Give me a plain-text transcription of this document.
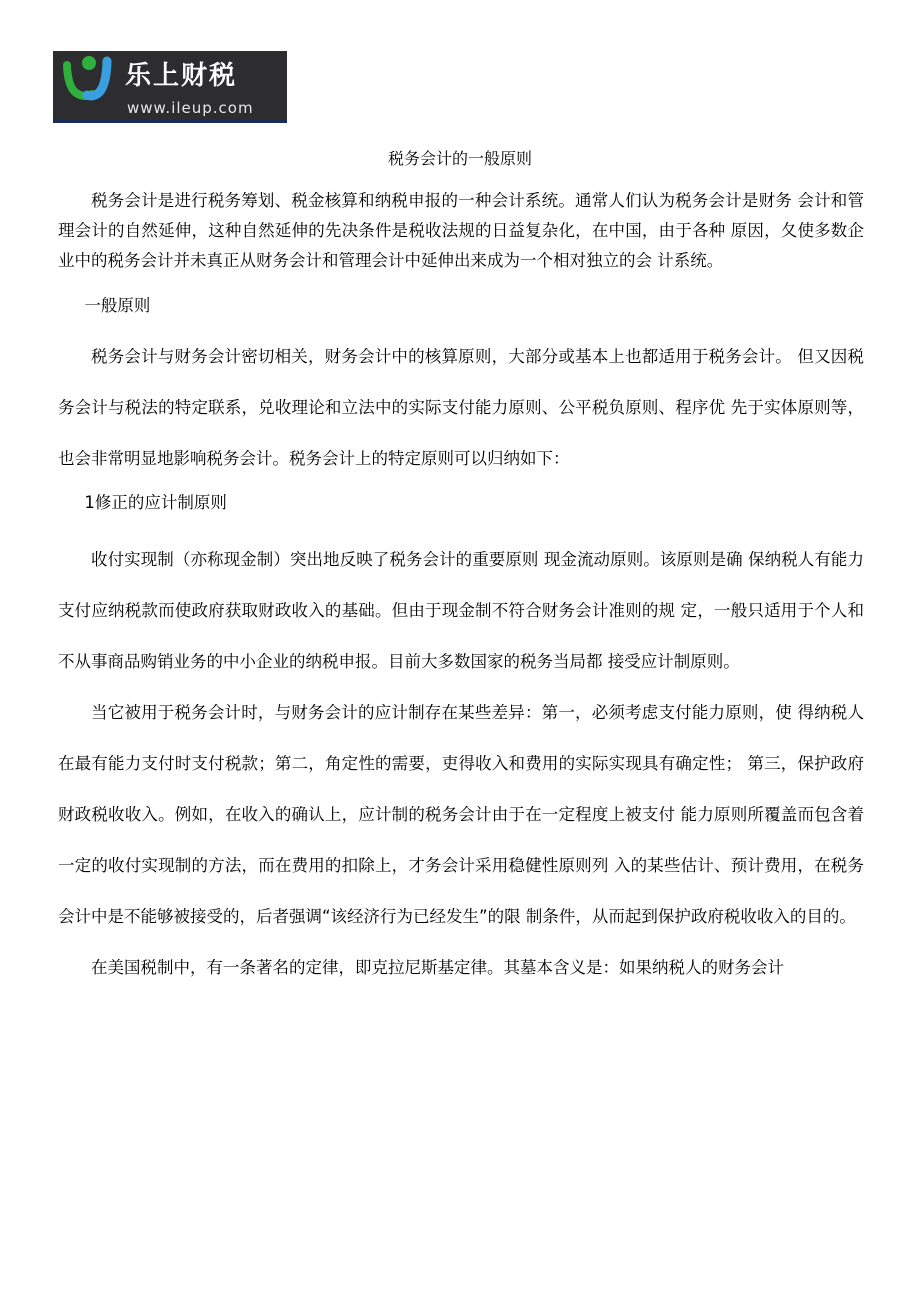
乐上财税
www.ileup.com
税务会计的一般原则

税务会计是进行税务筹划、税金核算和纳税申报的一种会计系统。通常人们认为税务会计是财务 会计和管理会计的自然延伸，这种自然延伸的先决条件是税收法规的日益复杂化，在中国，由于各种 原因，夂使多数企业中的税务会计并未真正从财务会计和管理会计中延伸出来成为一个相对独立的会 计系统。

一般原则

税务会计与财务会计密切相关，财务会计中的核算原则，大部分或基本上也都适用于税务会计。 但又因税务会计与税法的特定联系，兑收理论和立法中的实际支付能力原则、公平税负原则、程序优 先于实体原则等，也会非常明显地影响税务会计。税务会计上的特定原则可以归纳如下：

1修正的应计制原则

收付实现制（亦称现金制）突出地反映了税务会计的重要原则 现金流动原则。该原则是确 保纳税人有能力支付应纳税款而使政府获取财政收入的基础。但由于现金制不符合财务会计准则的规 定，一般只适用于个人和不从事商品购销业务的中小企业的纳税申报。目前大多数国家的税务当局都 接受应计制原则。

当它被用于税务会计时，与财务会计的应计制存在某些差异：第一，必须考虑支付能力原则，使 得纳税人在最有能力支付时支付税款；第二，角定性的需要，吏得收入和费用的实际实现具有确定性； 第三，保护政府财政税收收入。例如，在收入的确认上，应计制的税务会计由于在一定程度上被支付 能力原则所覆盖而包含着一定的收付实现制的方法，而在费用的扣除上，才务会计采用稳健性原则列 入的某些估计、预计费用，在税务会计中是不能够被接受的，后者强调“该经济行为已经发生”的限 制条件，从而起到保护政府税收收入的目的。

在美国税制中，有一条著名的定律，即克拉尼斯基定律。其墓本含义是：如果纳税人的财务会计
